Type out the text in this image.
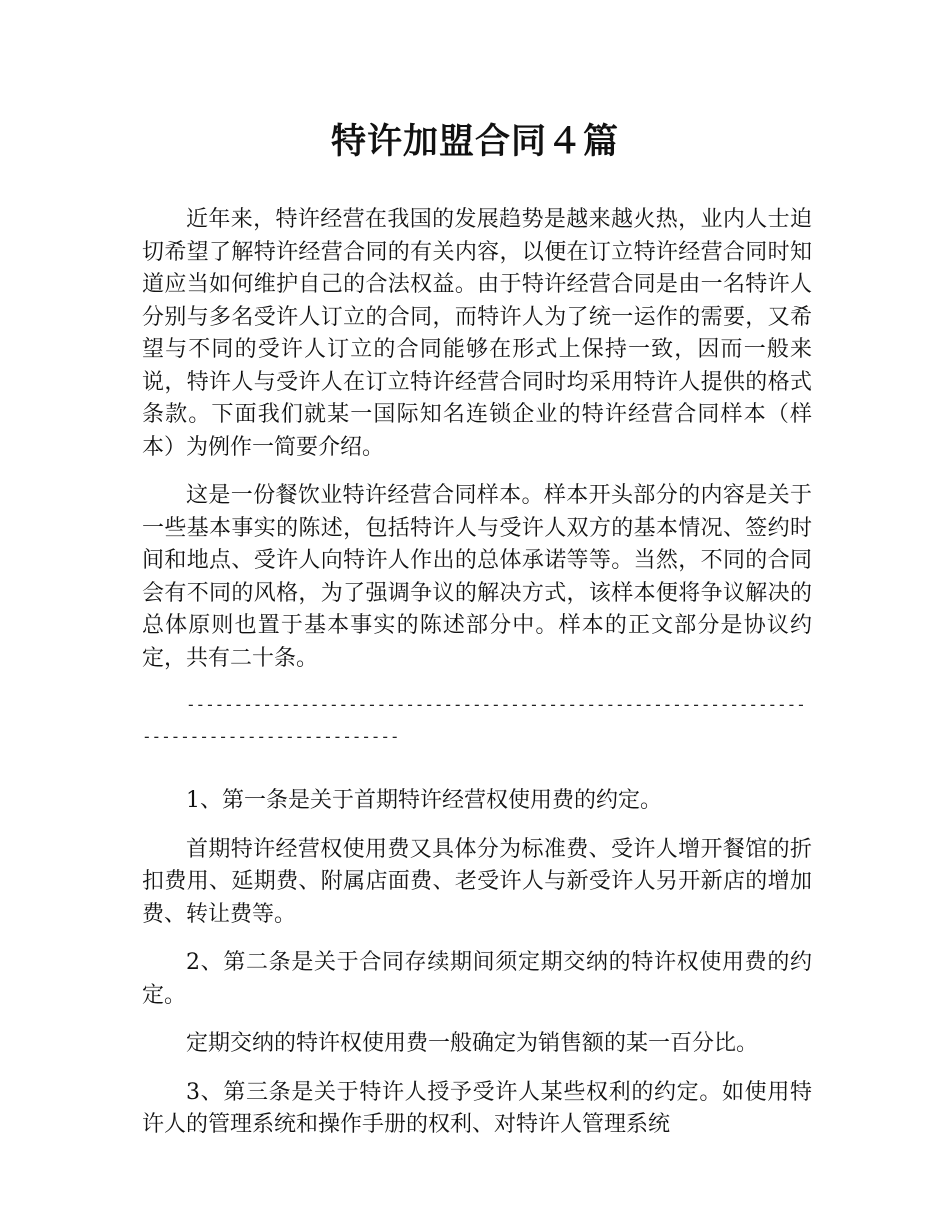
特许加盟合同４篇

近年来，特许经营在我国的发展趋势是越来越火热，业内人士迫切希望了解特许经营合同的有关内容，以便在订立特许经营合同时知道应当如何维护自己的合法权益。由于特许经营合同是由一名特许人分别与多名受许人订立的合同，而特许人为了统一运作的需要，又希望与不同的受许人订立的合同能够在形式上保持一致，因而一般来说，特许人与受许人在订立特许经营合同时均采用特许人提供的格式条款。下面我们就某一国际知名连锁企业的特许经营合同样本（样本）为例作一简要介绍。

这是一份餐饮业特许经营合同样本。样本开头部分的内容是关于一些基本事实的陈述，包括特许人与受许人双方的基本情况、签约时间和地点、受许人向特许人作出的总体承诺等等。当然，不同的合同会有不同的风格，为了强调争议的解决方式，该样本便将争议解决的总体原则也置于基本事实的陈述部分中。样本的正文部分是协议约定，共有二十条。

--------------------------------------------------------------------------------------------

1、第一条是关于首期特许经营权使用费的约定。

首期特许经营权使用费又具体分为标准费、受许人增开餐馆的折扣费用、延期费、附属店面费、老受许人与新受许人另开新店的增加费、转让费等。

2、第二条是关于合同存续期间须定期交纳的特许权使用费的约定。

定期交纳的特许权使用费一般确定为销售额的某一百分比。

3、第三条是关于特许人授予受许人某些权利的约定。如使用特许人的管理系统和操作手册的权利、对特许人管理系统
